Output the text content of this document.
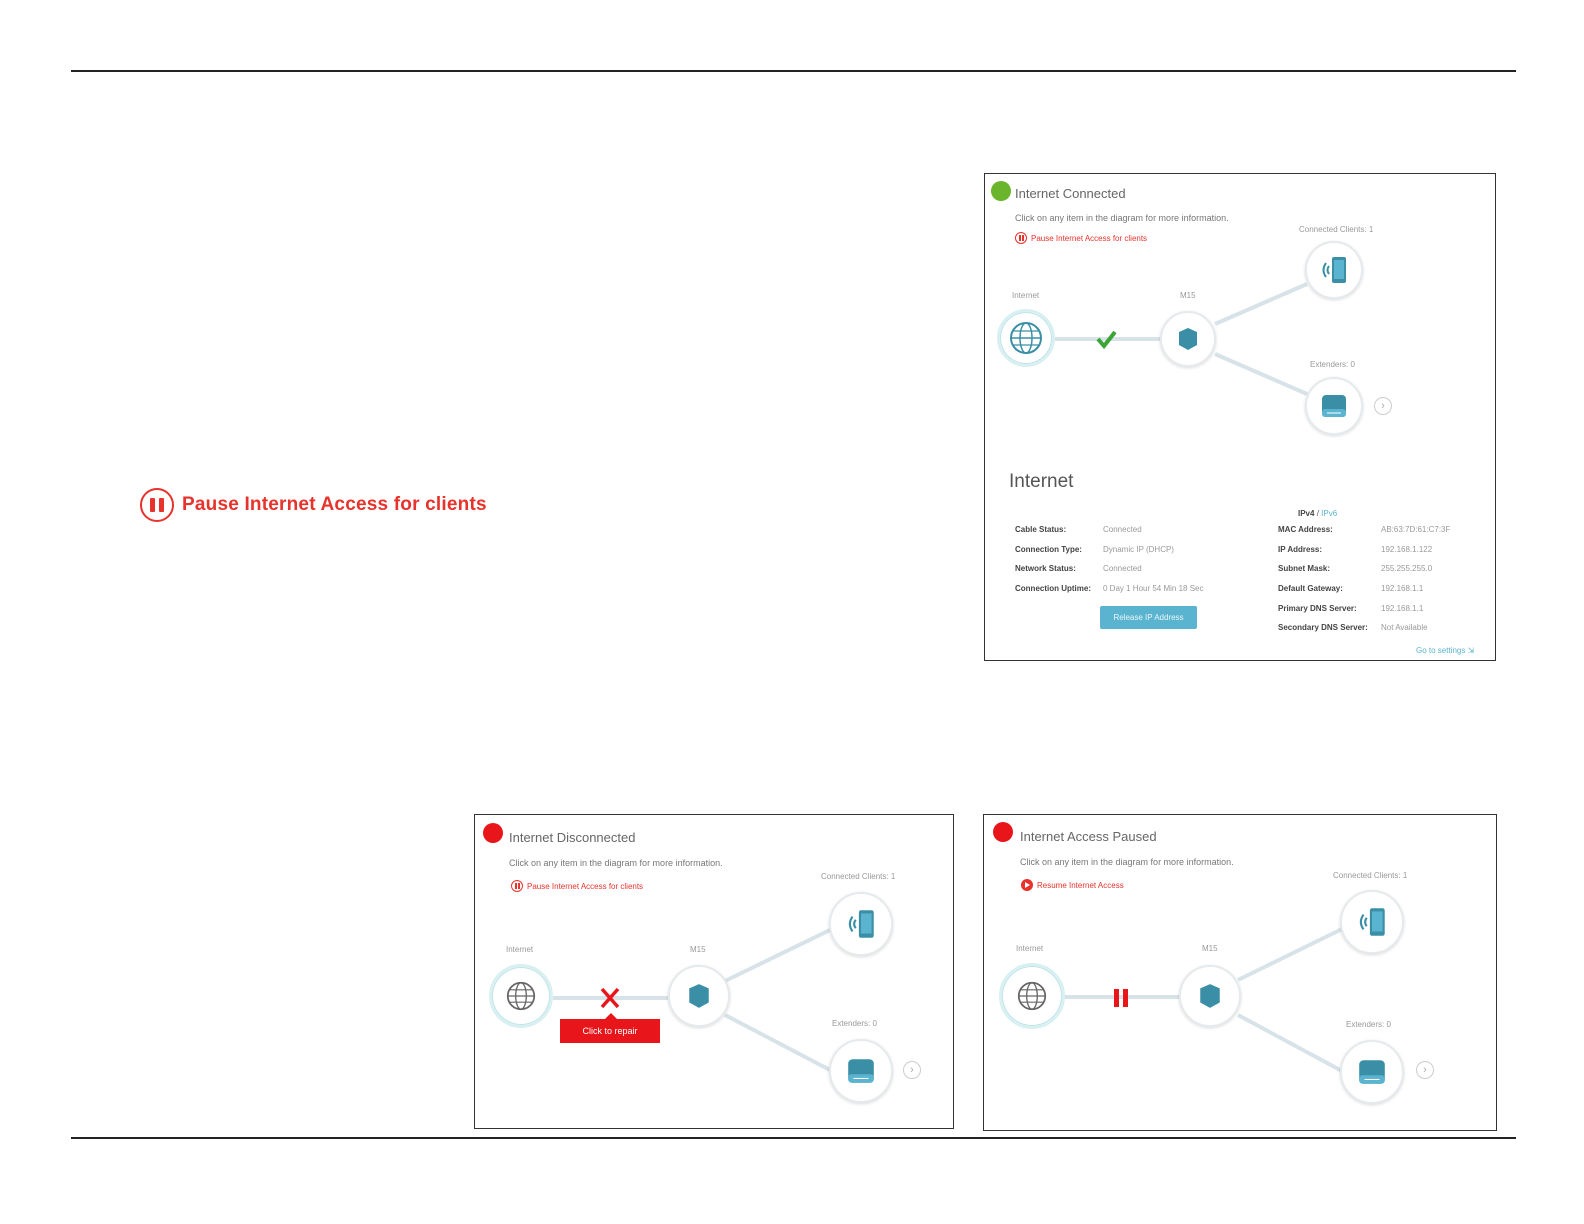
Pause Internet Access for clients
Internet Connected
Click on any item in the diagram for more information.
Pause Internet Access for clients
Connected Clients: 1
Internet	M15
Extenders: 0
›
Internet
IPv4 / IPv6
Cable Status:	Connected
Connection Type:	Dynamic IP (DHCP)
Network Status:	Connected
Connection Uptime:	0 Day 1 Hour 54 Min 18 Sec
MAC Address:	AB:63:7D:61:C7:3F
IP Address:	192.168.1.122
Subnet Mask:	255.255.255.0
Default Gateway:	192.168.1.1
Primary DNS Server:	192.168.1.1
Secondary DNS Server:	Not Available
Release IP Address
Go to settings ⇲
Internet Disconnected
Click on any item in the diagram for more information.
Pause Internet Access for clients
Connected Clients: 1
Internet	M15
Extenders: 0
›
Click to repair
Internet Access Paused
Click on any item in the diagram for more information.
Resume Internet Access
Connected Clients: 1
Internet	M15
Extenders: 0
›
